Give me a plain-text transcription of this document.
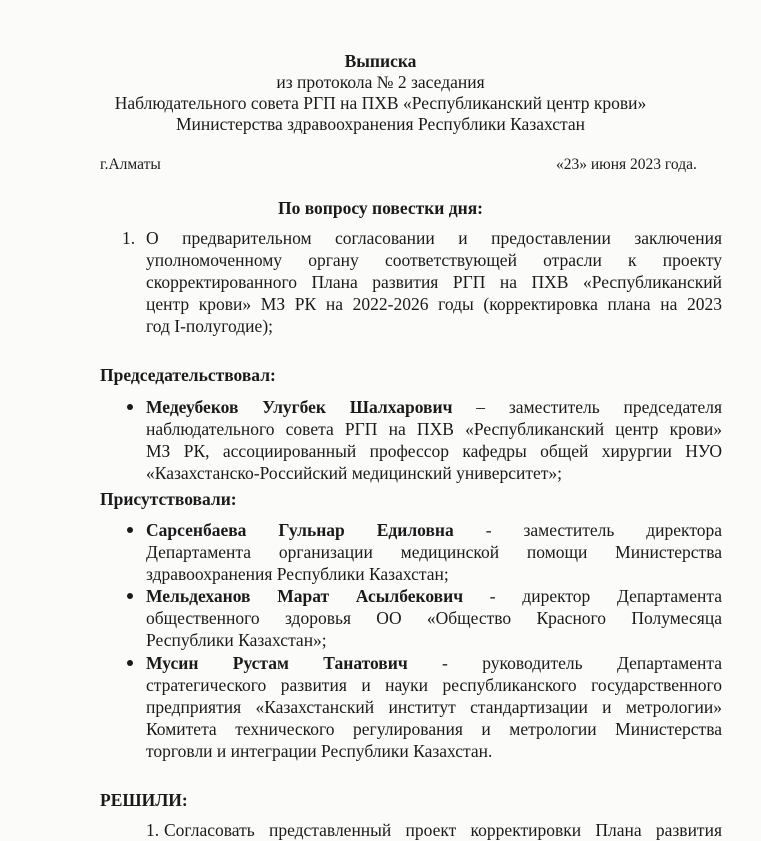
Выписка
из протокола № 2 заседания
Наблюдательного совета РГП на ПХВ «Республиканский центр крови»
Министерства здравоохранения Республики Казахстан
г.Алматы	«23» июня 2023 года.
По вопросу повестки дня:
1. О предварительном согласовании и предоставлении заключения
уполномоченному органу соответствующей отрасли к проекту
скорректированного Плана развития РГП на ПХВ «Республиканский
центр крови» МЗ РК на 2022-2026 годы (корректировка плана на 2023
год I-полугодие);
Председательствовал:
Медеубеков Улугбек Шалхарович – заместитель председателя
наблюдательного совета РГП на ПХВ «Республиканский центр крови»
МЗ РК, ассоциированный профессор кафедры общей хирургии НУО
«Казахстанско-Российский медицинский университет»;
Присутствовали:
Сарсенбаева Гульнар Едиловна - заместитель директора
Департамента организации медицинской помощи Министерства
здравоохранения Республики Казахстан;
Мельдеханов Марат Асылбекович - директор Департамента
общественного здоровья ОО «Общество Красного Полумесяца
Республики Казахстан»;
Мусин Рустам Танатович - руководитель Департамента
стратегического развития и науки республиканского государственного
предприятия «Казахстанский институт стандартизации и метрологии»
Комитета технического регулирования и метрологии Министерства
торговли и интеграции Республики Казахстан.
РЕШИЛИ:
1. Согласовать представленный проект корректировки Плана развития
